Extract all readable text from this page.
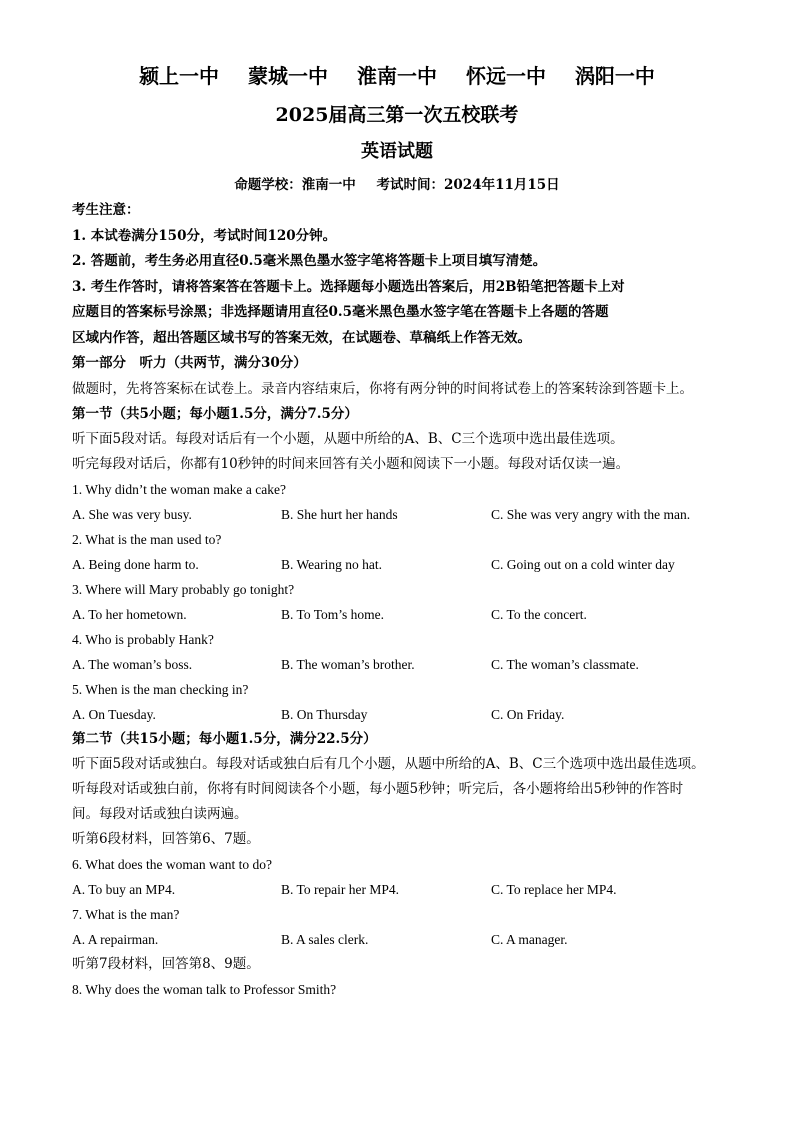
颍上一中 蒙城一中 淮南一中 怀远一中 涡阳一中
2025届高三第一次五校联考
英语试题
命题学校：淮南一中 考试时间：2024年11月15日
考生注意：
1. 本试卷满分150分，考试时间120分钟。
2. 答题前，考生务必用直径0.5毫米黑色墨水签字笔将答题卡上项目填写清楚。
3. 考生作答时，请将答案答在答题卡上。选择题每小题选出答案后，用2B铅笔把答题卡上对
应题目的答案标号涂黑；非选择题请用直径0.5毫米黑色墨水签字笔在答题卡上各题的答题
区域内作答，超出答题区域书写的答案无效，在试题卷、草稿纸上作答无效。
第一部分　听力（共两节，满分30分）
做题时，先将答案标在试卷上。录音内容结束后，你将有两分钟的时间将试卷上的答案转涂到答题卡上。
第一节（共5小题；每小题1.5分，满分7.5分）
听下面5段对话。每段对话后有一个小题，从题中所给的A、B、C三个选项中选出最佳选项。
听完每段对话后，你都有10秒钟的时间来回答有关小题和阅读下一小题。每段对话仅读一遍。
1. Why didn’t the woman make a cake?
A. She was very busy.	B. She hurt her hands	C. She was very angry with the man.
2. What is the man used to?
A. Being done harm to.	B. Wearing no hat.	C. Going out on a cold winter day
3. Where will Mary probably go tonight?
A. To her hometown.	B. To Tom’s home.	C. To the concert.
4. Who is probably Hank?
A. The woman’s boss.	B. The woman’s brother.	C. The woman’s classmate.
5. When is the man checking in?
A. On Tuesday.	B. On Thursday	C. On Friday.
第二节（共15小题；每小题1.5分，满分22.5分）
听下面5段对话或独白。每段对话或独白后有几个小题，从题中所给的A、B、C三个选项中选出最佳选项。
听每段对话或独白前，你将有时间阅读各个小题，每小题5秒钟；听完后，各小题将给出5秒钟的作答时
间。每段对话或独白读两遍。
听第6段材料，回答第6、7题。
6. What does the woman want to do?
A. To buy an MP4.	B. To repair her MP4.	C. To replace her MP4.
7. What is the man?
A. A repairman.	B. A sales clerk.	C. A manager.
听第7段材料，回答第8、9题。
8. Why does the woman talk to Professor Smith?
